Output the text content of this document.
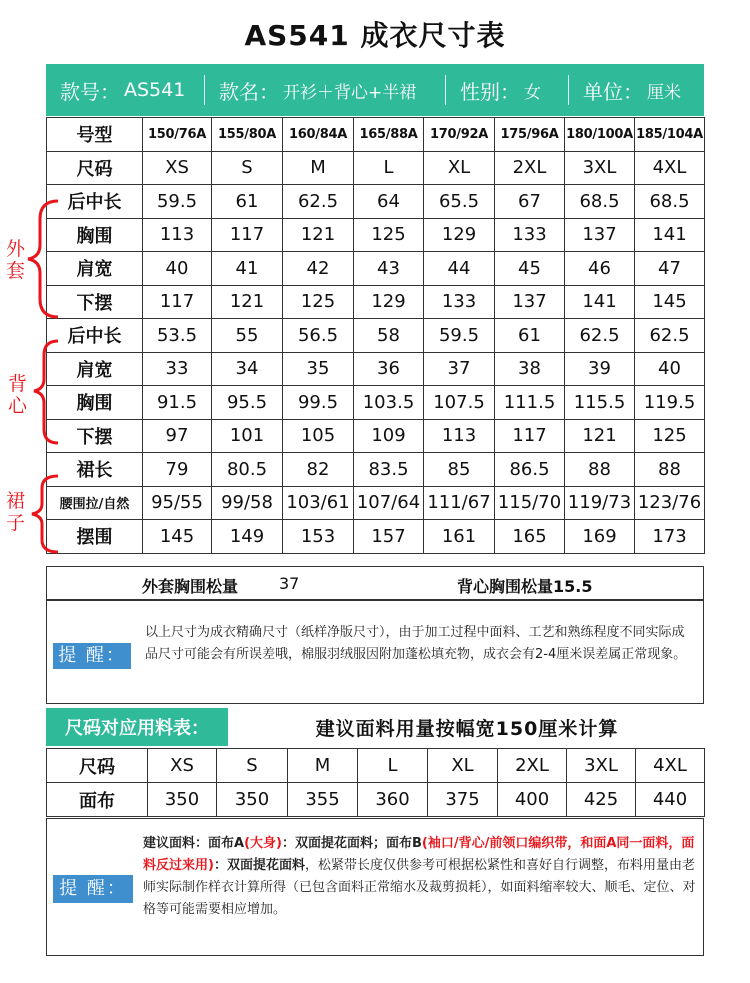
AS541 成衣尺寸表
款号： AS541 款名： 开衫＋背心+半裙 性别： 女 单位： 厘米
号型	150/76A	155/80A	160/84A	165/88A	170/92A	175/96A	180/100A	185/104A
尺码	XS	S	M	L	XL	2XL	3XL	4XL
后中长	59.5	61	62.5	64	65.5	67	68.5	68.5
胸围	113	117	121	125	129	133	137	141
肩宽	40	41	42	43	44	45	46	47
下摆	117	121	125	129	133	137	141	145
后中长	53.5	55	56.5	58	59.5	61	62.5	62.5
肩宽	33	34	35	36	37	38	39	40
胸围	91.5	95.5	99.5	103.5	107.5	111.5	115.5	119.5
下摆	97	101	105	109	113	117	121	125
裙长	79	80.5	82	83.5	85	86.5	88	88
腰围拉/自然	95/55	99/58	103/61	107/64	111/67	115/70	119/73	123/76
摆围	145	149	153	157	161	165	169	173
外套
背心
裙子
外套胸围松量	37	背心胸围松量15.5
提 醒：
以上尺寸为成衣精确尺寸（纸样净版尺寸），由于加工过程中面料、工艺和熟练程度不同实际成品尺寸可能会有所误差哦，棉服羽绒服因附加蓬松填充物，成衣会有2-4厘米误差属正常现象。
尺码对应用料表：	建议面料用量按幅宽150厘米计算
尺码	XS	S	M	L	XL	2XL	3XL	4XL
面布	350	350	355	360	375	400	425	440
提 醒：
建议面料：面布A(大身)：双面提花面料；面布B(袖口/背心/前领口编织带，和面A同一面料，面料反过来用)：双面提花面料，松紧带长度仅供参考可根据松紧性和喜好自行调整，布料用量由老师实际制作样衣计算所得（已包含面料正常缩水及裁剪损耗），如面料缩率较大、顺毛、定位、对格等可能需要相应增加。
